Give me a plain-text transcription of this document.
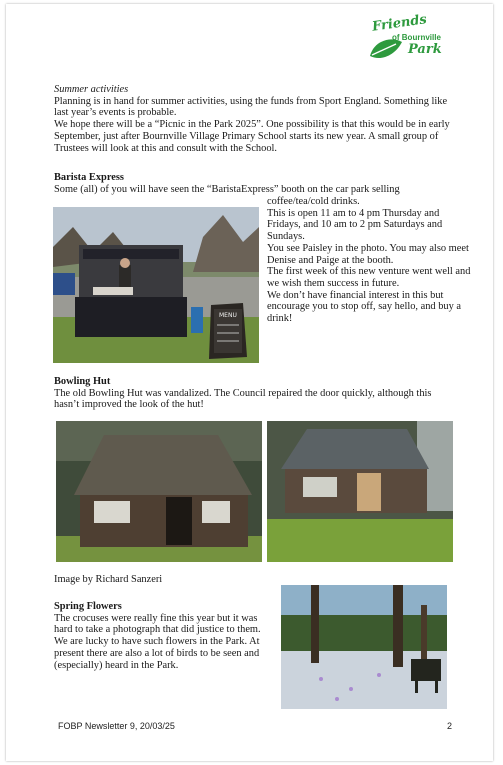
Friends
of Bournville
Park

Summer activities

Planning is in hand for summer activities, using the funds from Sport England. Something like last year’s events is probable.

We hope there will be a “Picnic in the Park 2025”. One possibility is that this would be in early September, just after Bournville Village Primary School starts its new year. A small group of Trustees will look at this and consult with the School.

Barista Express

Some (all) of you will have seen the “BaristaExpress” booth on the car park selling

coffee/tea/cold drinks.

This is open 11 am to 4 pm Thursday and Fridays, and 10 am to 2 pm Saturdays and Sundays.

You see Paisley in the photo. You may also meet Denise and Paige at the booth.

The first week of this new venture went well and we wish them success in future.

We don’t have financial interest in this but encourage you to stop off, say hello, and buy a drink!

MENU

Bowling Hut

The old Bowling Hut was vandalized. The Council repaired the door quickly, although this hasn’t improved the look of the hut!

Image by Richard Sanzeri

Spring Flowers

The crocuses were really fine this year but it was hard to take a photograph that did justice to them. We are lucky to have such flowers in the Park. At present there are also a lot of birds to be seen and (especially) heard in the Park.

FOBP Newsletter 9, 20/03/25	2
